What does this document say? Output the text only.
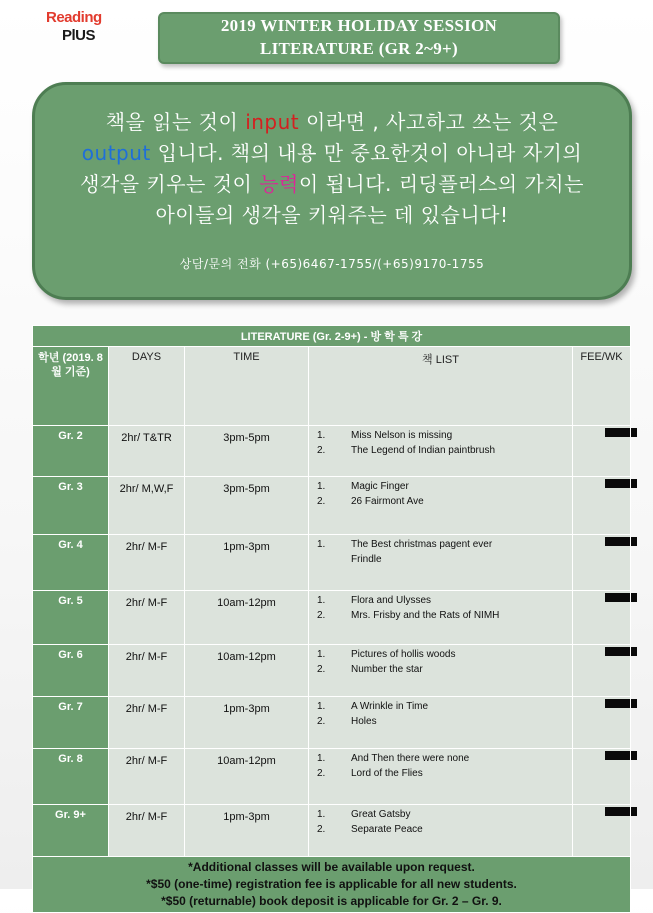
Reading
PlUS
2019 WINTER HOLIDAY SESSION
LITERATURE (GR 2~9+)
책을 읽는 것이 input 이라면 , 사고하고 쓰는 것은
output 입니다. 책의 내용 만 중요한것이 아니라 자기의
생각을 키우는 것이 능력이 됩니다. 리딩플러스의 가치는
아이들의 생각을 키워주는 데 있습니다!
상담/문의 전화 (+65)6467-1755/(+65)9170-1755
LITERATURE (Gr. 2-9+) - 방 학 특 강				
학년 (2019. 8월 기준)	DAYS	TIME	책 LIST	FEE/WK
Gr. 2	2hr/ T&TR	3pm-5pm	1. Miss Nelson is missing
2. The Legend of Indian paintbrush	

Gr. 3	2hr/ M,W,F	3pm-5pm	1. Magic Finger
2. 26 Fairmont Ave	

Gr. 4	2hr/ M-F	1pm-3pm	1. The Best christmas pagent ever
Frindle	

Gr. 5	2hr/ M-F	10am-12pm	1. Flora and Ulysses
2. Mrs. Frisby and the Rats of NIMH	

Gr. 6	2hr/ M-F	10am-12pm	1. Pictures of hollis woods
2. Number the star	

Gr. 7	2hr/ M-F	1pm-3pm	1. A Wrinkle in Time
2. Holes	

Gr. 8	2hr/ M-F	10am-12pm	1. And Then there were none
2. Lord of the Flies	

Gr. 9+	2hr/ M-F	1pm-3pm	1. Great Gatsby
2. Separate Peace	

*Additional classes will be available upon request.
*$50 (one-time) registration fee is applicable for all new students.
*$50 (returnable) book deposit is applicable for Gr. 2 – Gr. 9.				
